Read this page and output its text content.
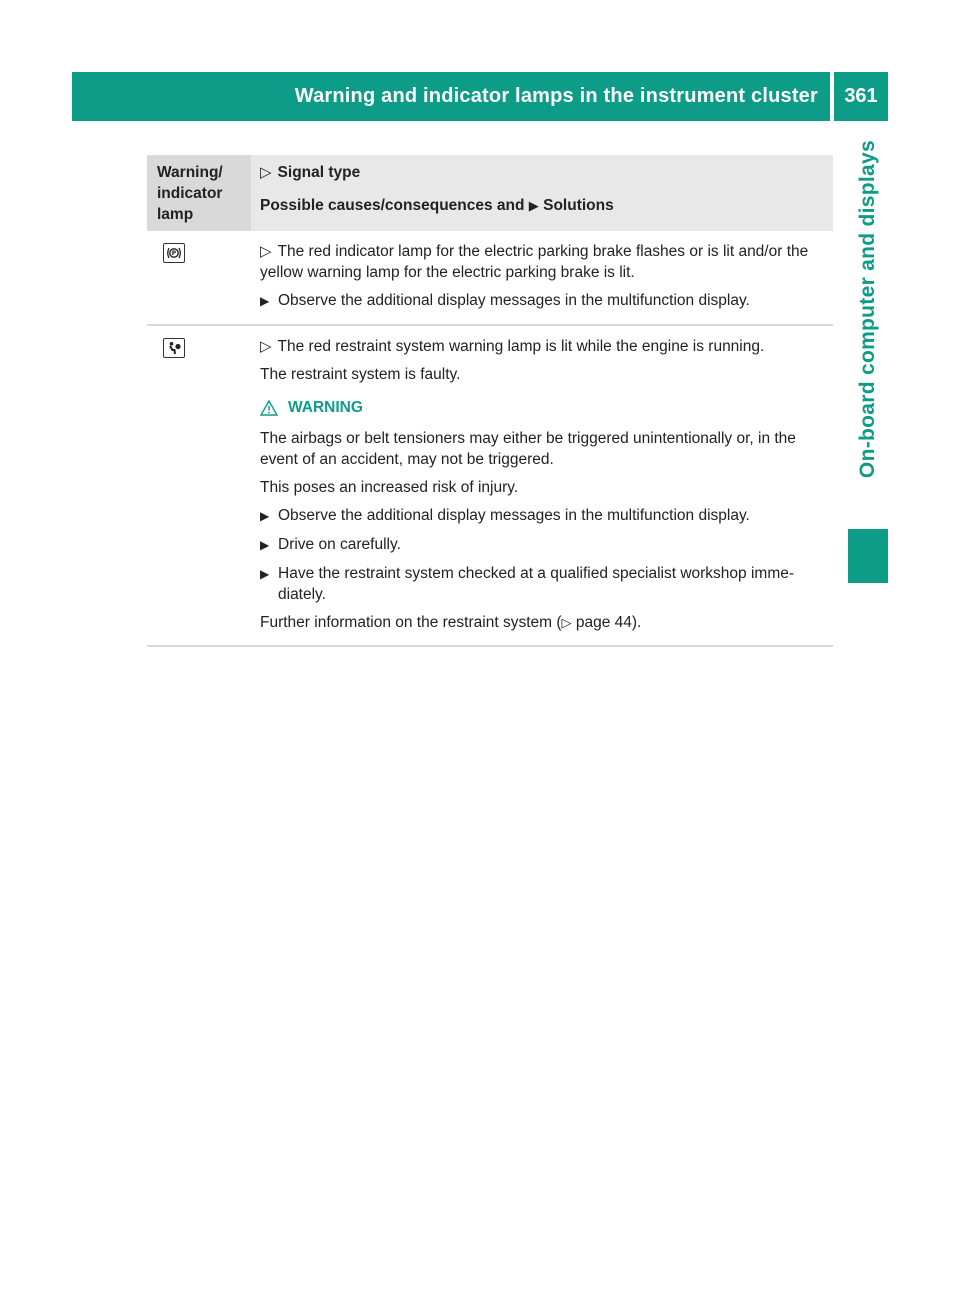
Warning and indicator lamps in the instrument cluster 361
On-board computer and displays
Warning/ indicator lamp

▷ Signal type

Possible causes/consequences and ▶ Solutions

P	▷ The red indicator lamp for the electric parking brake flashes or is lit and/or the yellow warning lamp for the electric parking brake is lit.

▶ Observe the additional display messages in the multifunction display.

▷ The red restraint system warning lamp is lit while the engine is running.

The restraint system is faulty.

WARNING

The airbags or belt tensioners may either be triggered unintentionally or, in the event of an accident, may not be triggered.

This poses an increased risk of injury.

▶ Observe the additional display messages in the multifunction display.

▶ Drive on carefully.

▶ Have the restraint system checked at a qualified specialist workshop imme-diately.

Further information on the restraint system (▷ page 44).
